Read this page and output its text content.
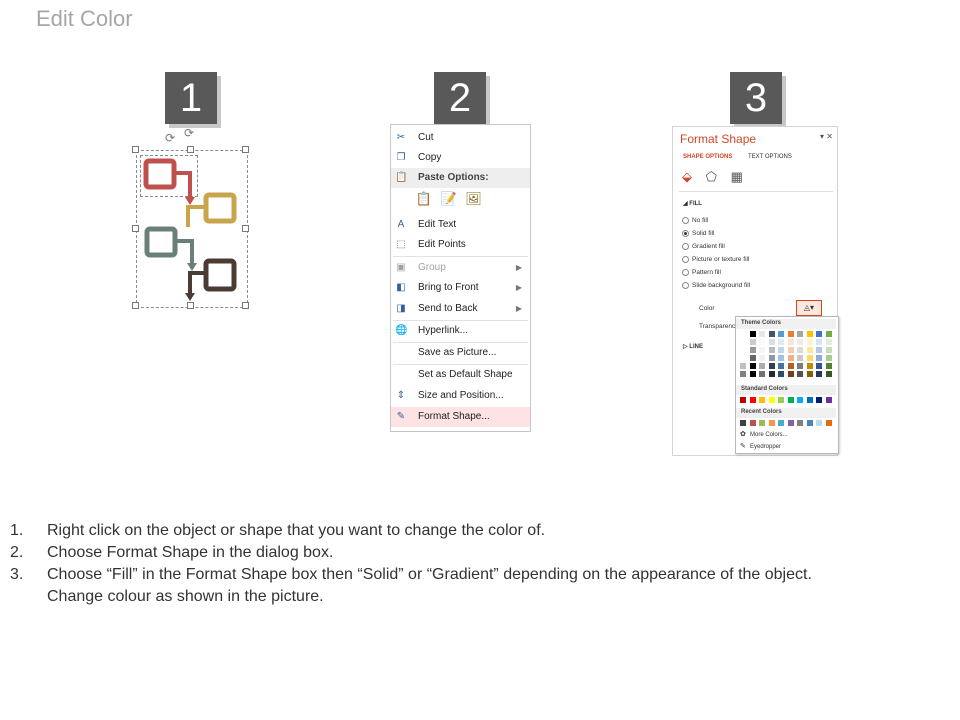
Edit Color
1	2	3
⟳ ⟳	✂ Cut
❐ Copy
📋 Paste Options:
📋 📝 🖼
A Edit Text
⬚ Edit Points
▣ Group	▶
◧ Bring to Front	▶
◨ Send to Back	▶
🌐 Hyperlink...
Save as Picture...
Set as Default Shape
⇕ Size and Position...
✎ Format Shape...
Format Shape	▾ ✕
SHAPE OPTIONS	TEXT OPTIONS
⬙ ⬠ ▦
◢ FILL
No fill
Solid fill
Gradient fill
Picture or texture fill
Pattern fill
Slide background fill
Color	◬▾
Transparenc
▷ LINE
Theme Colors
Standard Colors
Recent Colors
✿ More Colors...
✎ Eyedropper
1. Right click on the object or shape that you want to change the color of.
2. Choose Format Shape in the dialog box.
3. Choose “Fill” in the Format Shape box then “Solid” or “Gradient” depending on the appearance of the object.
Change colour as shown in the picture.
